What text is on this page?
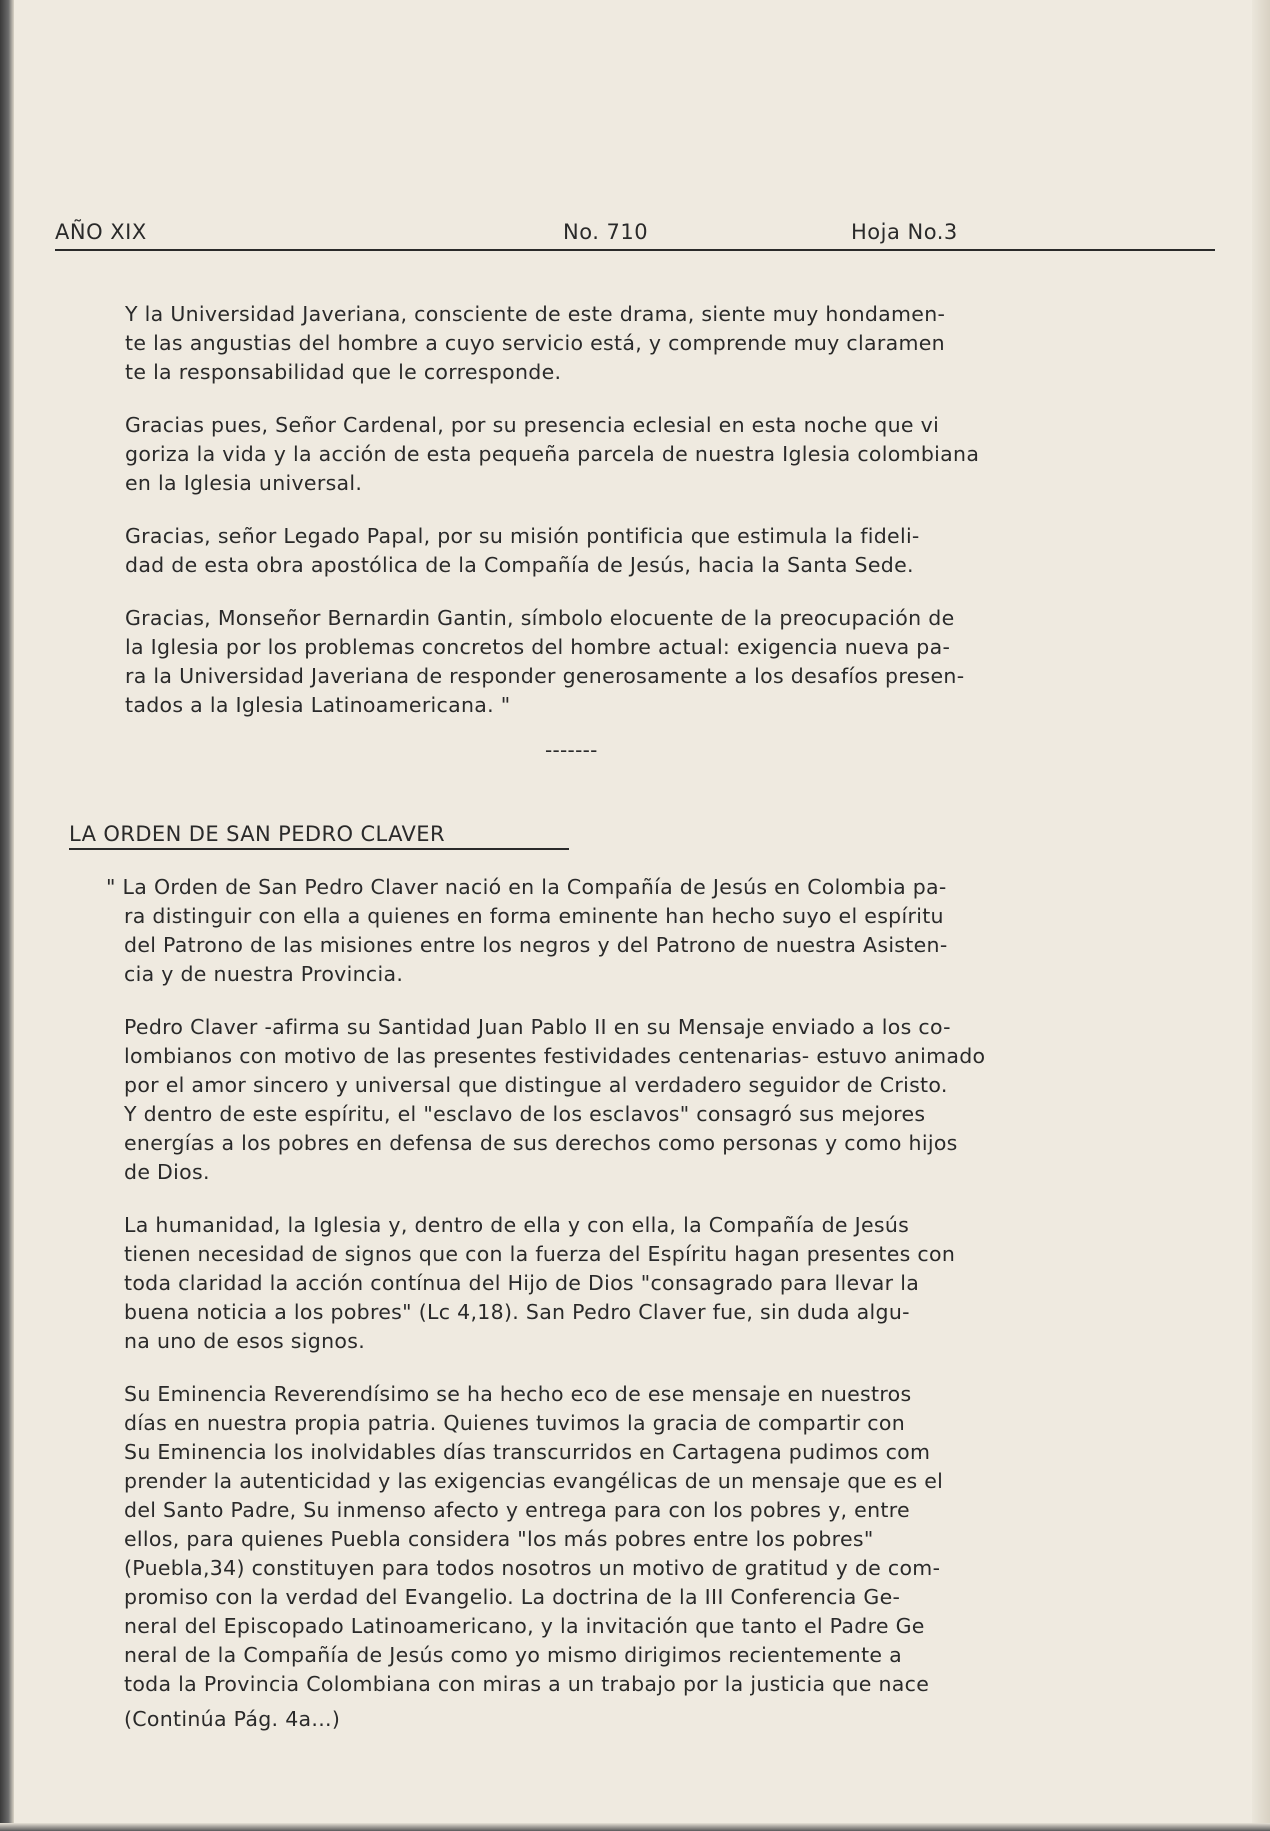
AÑO XIX	No. 710	Hoja No.3

Y la Universidad Javeriana, consciente de este drama, siente muy hondamen-
te las angustias del hombre a cuyo servicio está, y comprende muy claramen
te la responsabilidad que le corresponde.

Gracias pues, Señor Cardenal, por su presencia eclesial en esta noche que vi
goriza la vida y la acción de esta pequeña parcela de nuestra Iglesia colombiana
en la Iglesia universal.

Gracias, señor Legado Papal, por su misión pontificia que estimula la fideli-
dad de esta obra apostólica de la Compañía de Jesús, hacia la Santa Sede.

Gracias, Monseñor Bernardin Gantin, símbolo elocuente de la preocupación de
la Iglesia por los problemas concretos del hombre actual: exigencia nueva pa-
ra la Universidad Javeriana de responder generosamente a los desafíos presen-
tados a la Iglesia Latinoamericana. "

-------
LA ORDEN DE SAN PEDRO CLAVER

" La Orden de San Pedro Claver nació en la Compañía de Jesús en Colombia pa-
ra distinguir con ella a quienes en forma eminente han hecho suyo el espíritu
del Patrono de las misiones entre los negros y del Patrono de nuestra Asisten-
cia y de nuestra Provincia.

Pedro Claver -afirma su Santidad Juan Pablo II en su Mensaje enviado a los co-
lombianos con motivo de las presentes festividades centenarias- estuvo animado
por el amor sincero y universal que distingue al verdadero seguidor de Cristo.
Y dentro de este espíritu, el "esclavo de los esclavos" consagró sus mejores
energías a los pobres en defensa de sus derechos como personas y como hijos
de Dios.

La humanidad, la Iglesia y, dentro de ella y con ella, la Compañía de Jesús
tienen necesidad de signos que con la fuerza del Espíritu hagan presentes con
toda claridad la acción contínua del Hijo de Dios "consagrado para llevar la
buena noticia a los pobres" (Lc 4,18). San Pedro Claver fue, sin duda algu-
na uno de esos signos.

Su Eminencia Reverendísimo se ha hecho eco de ese mensaje en nuestros
días en nuestra propia patria. Quienes tuvimos la gracia de compartir con
Su Eminencia los inolvidables días transcurridos en Cartagena pudimos com
prender la autenticidad y las exigencias evangélicas de un mensaje que es el
del Santo Padre, Su inmenso afecto y entrega para con los pobres y, entre
ellos, para quienes Puebla considera "los más pobres entre los pobres"
(Puebla,34) constituyen para todos nosotros un motivo de gratitud y de com-
promiso con la verdad del Evangelio. La doctrina de la III Conferencia Ge-
neral del Episcopado Latinoamericano, y la invitación que tanto el Padre Ge
neral de la Compañía de Jesús como yo mismo dirigimos recientemente a
toda la Provincia Colombiana con miras a un trabajo por la justicia que nace

(Continúa Pág. 4a...)
